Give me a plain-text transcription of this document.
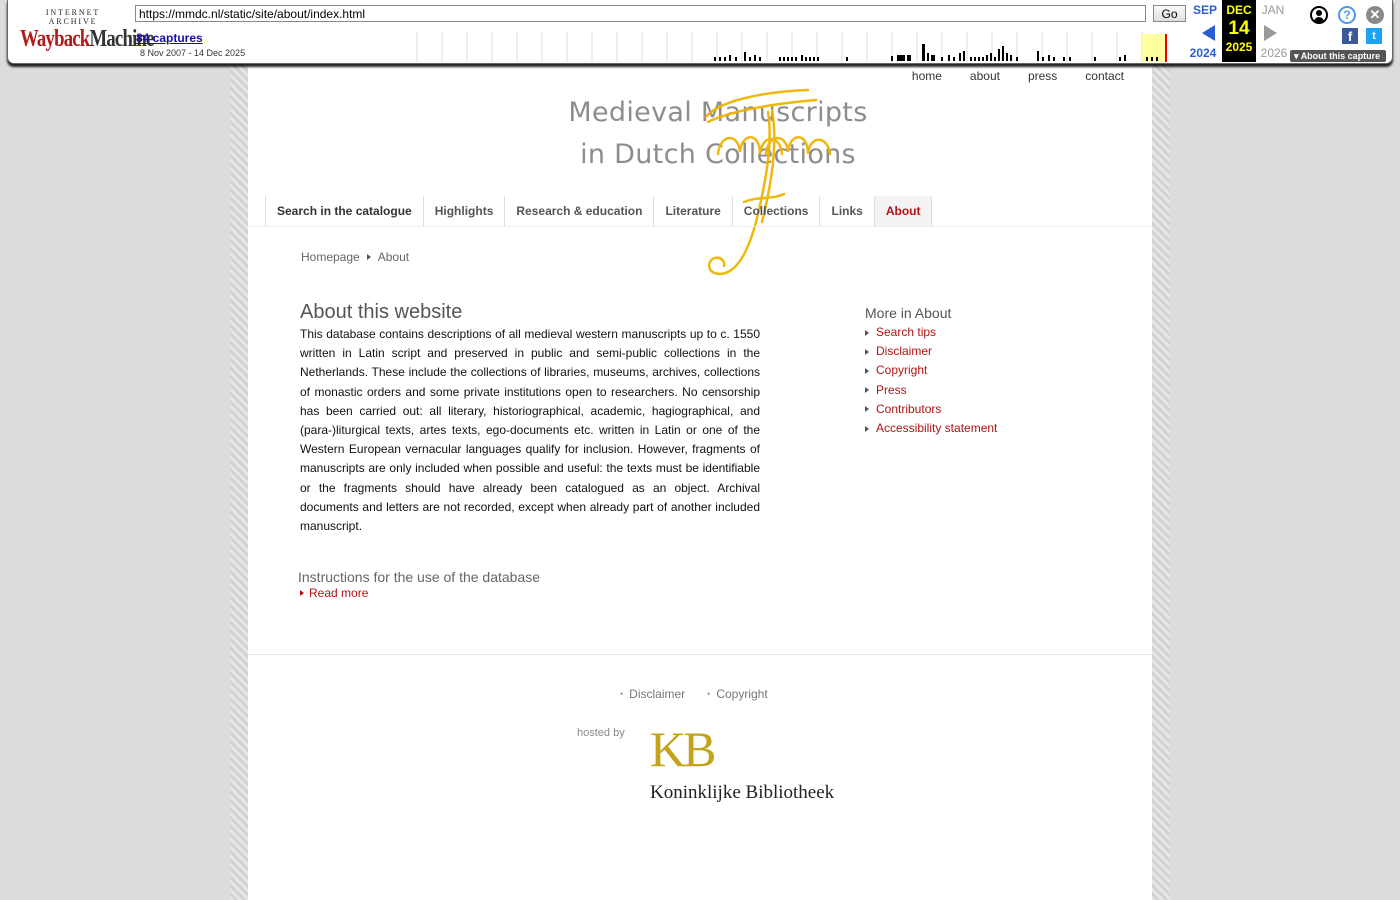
INTERNET ARCHIVE
WaybackMachine
https://mmdc.nl/static/site/about/index.html
Go
84 captures
8 Nov 2007 - 14 Dec 2025
SEP
2024
DEC
14
2025
JAN
2026
?	✕
f	t
▾ About this capture
home about press contact
Medieval Manuscripts
in Dutch Collections
Search in the catalogue	Highlights	Research & education	Literature	Collections	Links	About
Homepage About
About this website

This database contains descriptions of all medieval western manuscripts up to c. 1550 written in Latin script and preserved in public and semi-public collections in the Netherlands. These include the collections of libraries, museums, archives, collections of monastic orders and some private institutions open to researchers. No censorship has been carried out: all literary, historiographical, academic, hagiographical, and (para-)liturgical texts, artes texts, ego-documents etc. written in Latin or one of the Western European vernacular languages qualify for inclusion. However, fragments of manuscripts are only included when possible and useful: the texts must be identifiable or the fragments should have already been catalogued as an object. Archival documents and letters are not recorded, except when already part of another included manuscript.

Instructions for the use of the database
Read more
More in About
Search tips
Disclaimer
Copyright
Press
Contributors
Accessibility statement
• Disclaimer
•	Copyright
hosted by KB
Koninklijke Bibliotheek
